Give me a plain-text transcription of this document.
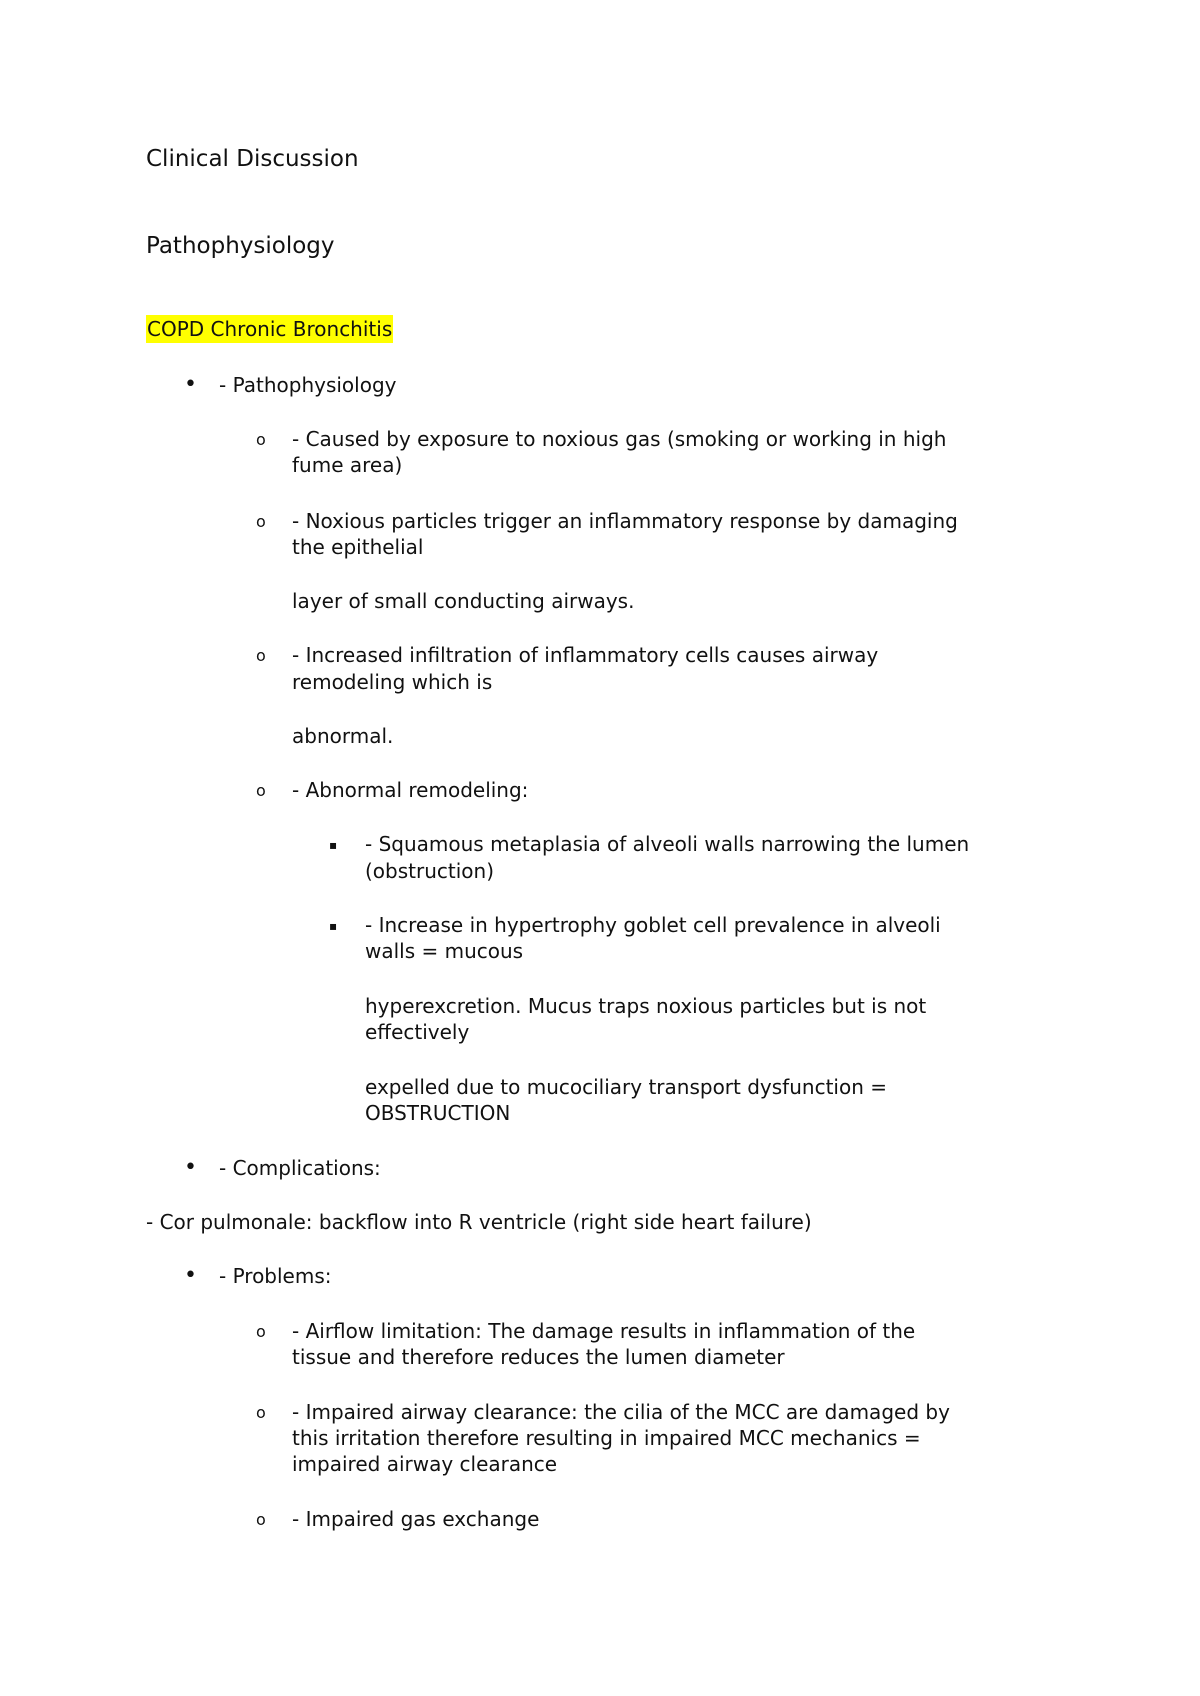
Clinical Discussion
Pathophysiology
COPD Chronic Bronchitis
• - Pathophysiology

o - Caused by exposure to noxious gas (smoking or working in high

fume area)

o - Noxious particles trigger an inflammatory response by damaging

the epithelial

layer of small conducting airways.

o - Increased infiltration of inflammatory cells causes airway

remodeling which is

abnormal.

o - Abnormal remodeling:

▪ - Squamous metaplasia of alveoli walls narrowing the lumen

(obstruction)

▪ - Increase in hypertrophy goblet cell prevalence in alveoli

walls = mucous

hyperexcretion. Mucus traps noxious particles but is not

effectively

expelled due to mucociliary transport dysfunction =

OBSTRUCTION

• - Complications:

- Cor pulmonale: backflow into R ventricle (right side heart failure)

• - Problems:

o - Airflow limitation: The damage results in inflammation of the

tissue and therefore reduces the lumen diameter

o - Impaired airway clearance: the cilia of the MCC are damaged by

this irritation therefore resulting in impaired MCC mechanics =

impaired airway clearance

o - Impaired gas exchange
